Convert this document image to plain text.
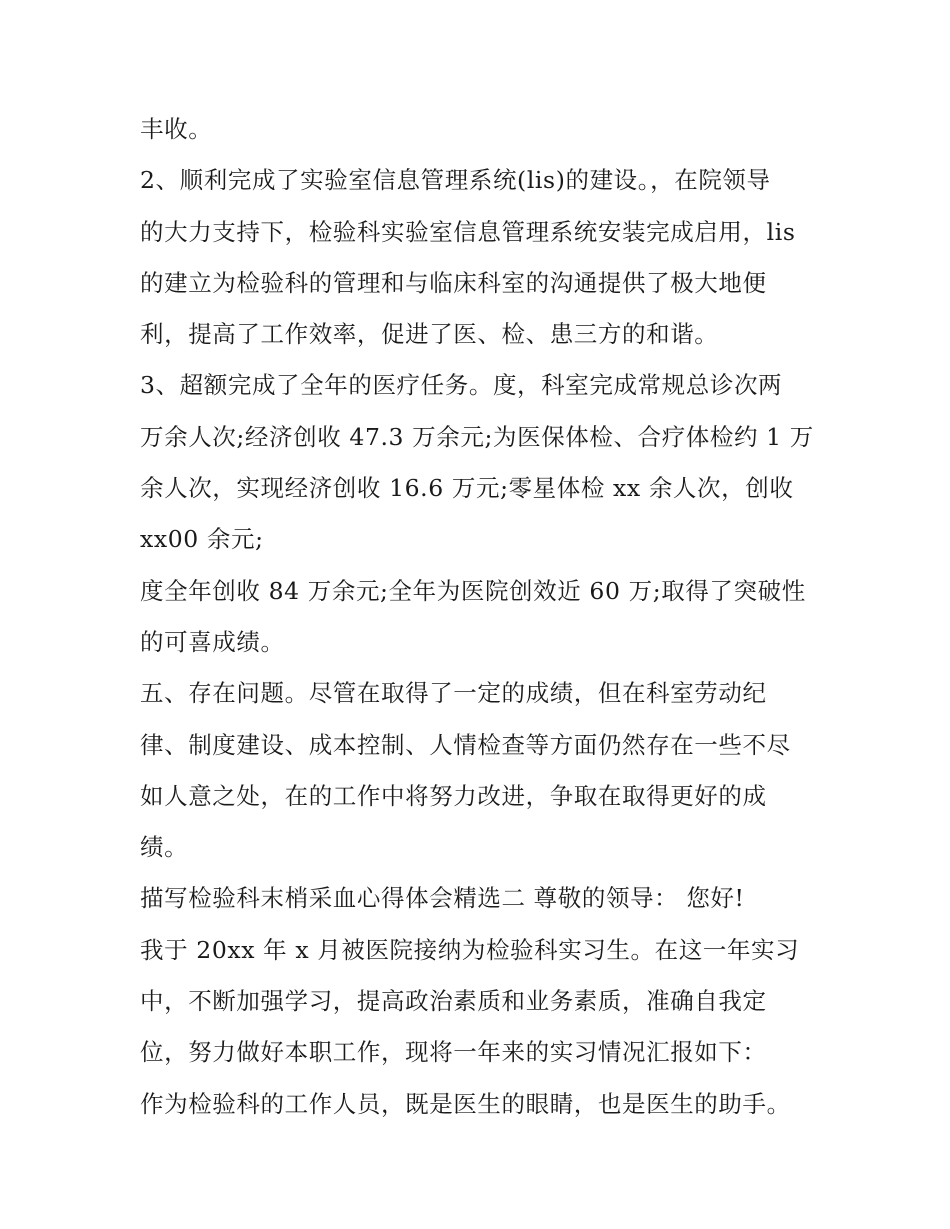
丰收。
2、顺利完成了实验室信息管理系统(lis)的建设。，在院领导
的大力支持下，检验科实验室信息管理系统安装完成启用，lis
的建立为检验科的管理和与临床科室的沟通提供了极大地便
利，提高了工作效率，促进了医、检、患三方的和谐。
3、超额完成了全年的医疗任务。度，科室完成常规总诊次两
万余人次;经济创收 47.3 万余元;为医保体检、合疗体检约 1 万
余人次，实现经济创收 16.6 万元;零星体检 xx 余人次，创收
xx00 余元;
度全年创收 84 万余元;全年为医院创效近 60 万;取得了突破性
的可喜成绩。
五、存在问题。尽管在取得了一定的成绩，但在科室劳动纪
律、制度建设、成本控制、人情检查等方面仍然存在一些不尽
如人意之处，在的工作中将努力改进，争取在取得更好的成
绩。
描写检验科末梢采血心得体会精选二 尊敬的领导： 您好!
我于 20xx 年 x 月被医院接纳为检验科实习生。在这一年实习
中，不断加强学习，提高政治素质和业务素质，准确自我定
位，努力做好本职工作，现将一年来的实习情况汇报如下：
作为检验科的工作人员，既是医生的眼睛，也是医生的助手。
